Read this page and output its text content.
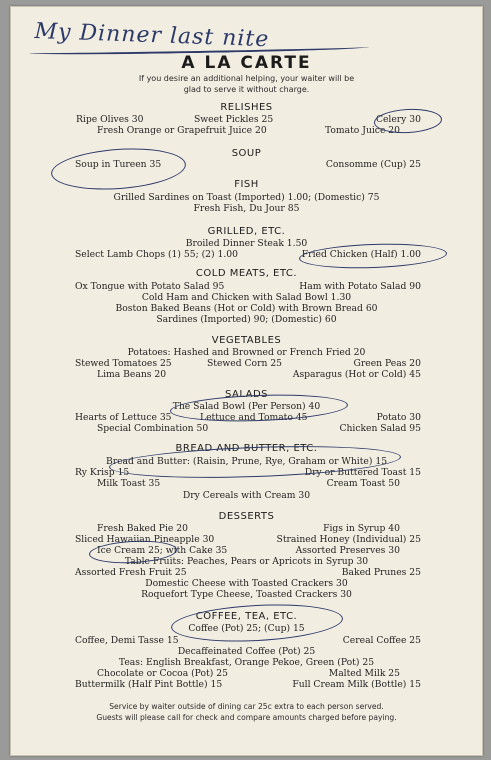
My Dinner last nite
A LA CARTE
If you desire an additional helping, your waiter will be
glad to serve it without charge.
RELISHES
Ripe Olives 30	Sweet Pickles 25	Celery 30
Fresh Orange or Grapefruit Juice 20	Tomato Juice 20
SOUP
Soup in Tureen 35	Consomme (Cup) 25
FISH
Grilled Sardines on Toast (Imported) 1.00; (Domestic) 75
Fresh Fish, Du Jour 85
GRILLED, ETC.
Broiled Dinner Steak 1.50
Select Lamb Chops (1) 55; (2) 1.00	Fried Chicken (Half) 1.00
COLD MEATS, ETC.
Ox Tongue with Potato Salad 95	Ham with Potato Salad 90
Cold Ham and Chicken with Salad Bowl 1.30
Boston Baked Beans (Hot or Cold) with Brown Bread 60
Sardines (Imported) 90; (Domestic) 60
VEGETABLES
Potatoes: Hashed and Browned or French Fried 20
Stewed Tomatoes 25	Stewed Corn 25	Green Peas 20
Lima Beans 20	Asparagus (Hot or Cold) 45
SALADS
The Salad Bowl (Per Person) 40
Hearts of Lettuce 35	Lettuce and Tomato 45	Potato 30
Special Combination 50	Chicken Salad 95
BREAD AND BUTTER, ETC.
Bread and Butter: (Raisin, Prune, Rye, Graham or White) 15
Ry Krisp 15	Dry or Buttered Toast 15
Milk Toast 35	Cream Toast 50
Dry Cereals with Cream 30
DESSERTS
Fresh Baked Pie 20	Figs in Syrup 40
Sliced Hawaiian Pineapple 30	Strained Honey (Individual) 25
Ice Cream 25; with Cake 35	Assorted Preserves 30
Table Fruits: Peaches, Pears or Apricots in Syrup 30
Assorted Fresh Fruit 25	Baked Prunes 25
Domestic Cheese with Toasted Crackers 30
Roquefort Type Cheese, Toasted Crackers 30
COFFEE, TEA, ETC.
Coffee (Pot) 25; (Cup) 15
Coffee, Demi Tasse 15	Cereal Coffee 25
Decaffeinated Coffee (Pot) 25
Teas: English Breakfast, Orange Pekoe, Green (Pot) 25
Chocolate or Cocoa (Pot) 25	Malted Milk 25
Buttermilk (Half Pint Bottle) 15	Full Cream Milk (Bottle) 15
Service by waiter outside of dining car 25c extra to each person served.
Guests will please call for check and compare amounts charged before paying.
